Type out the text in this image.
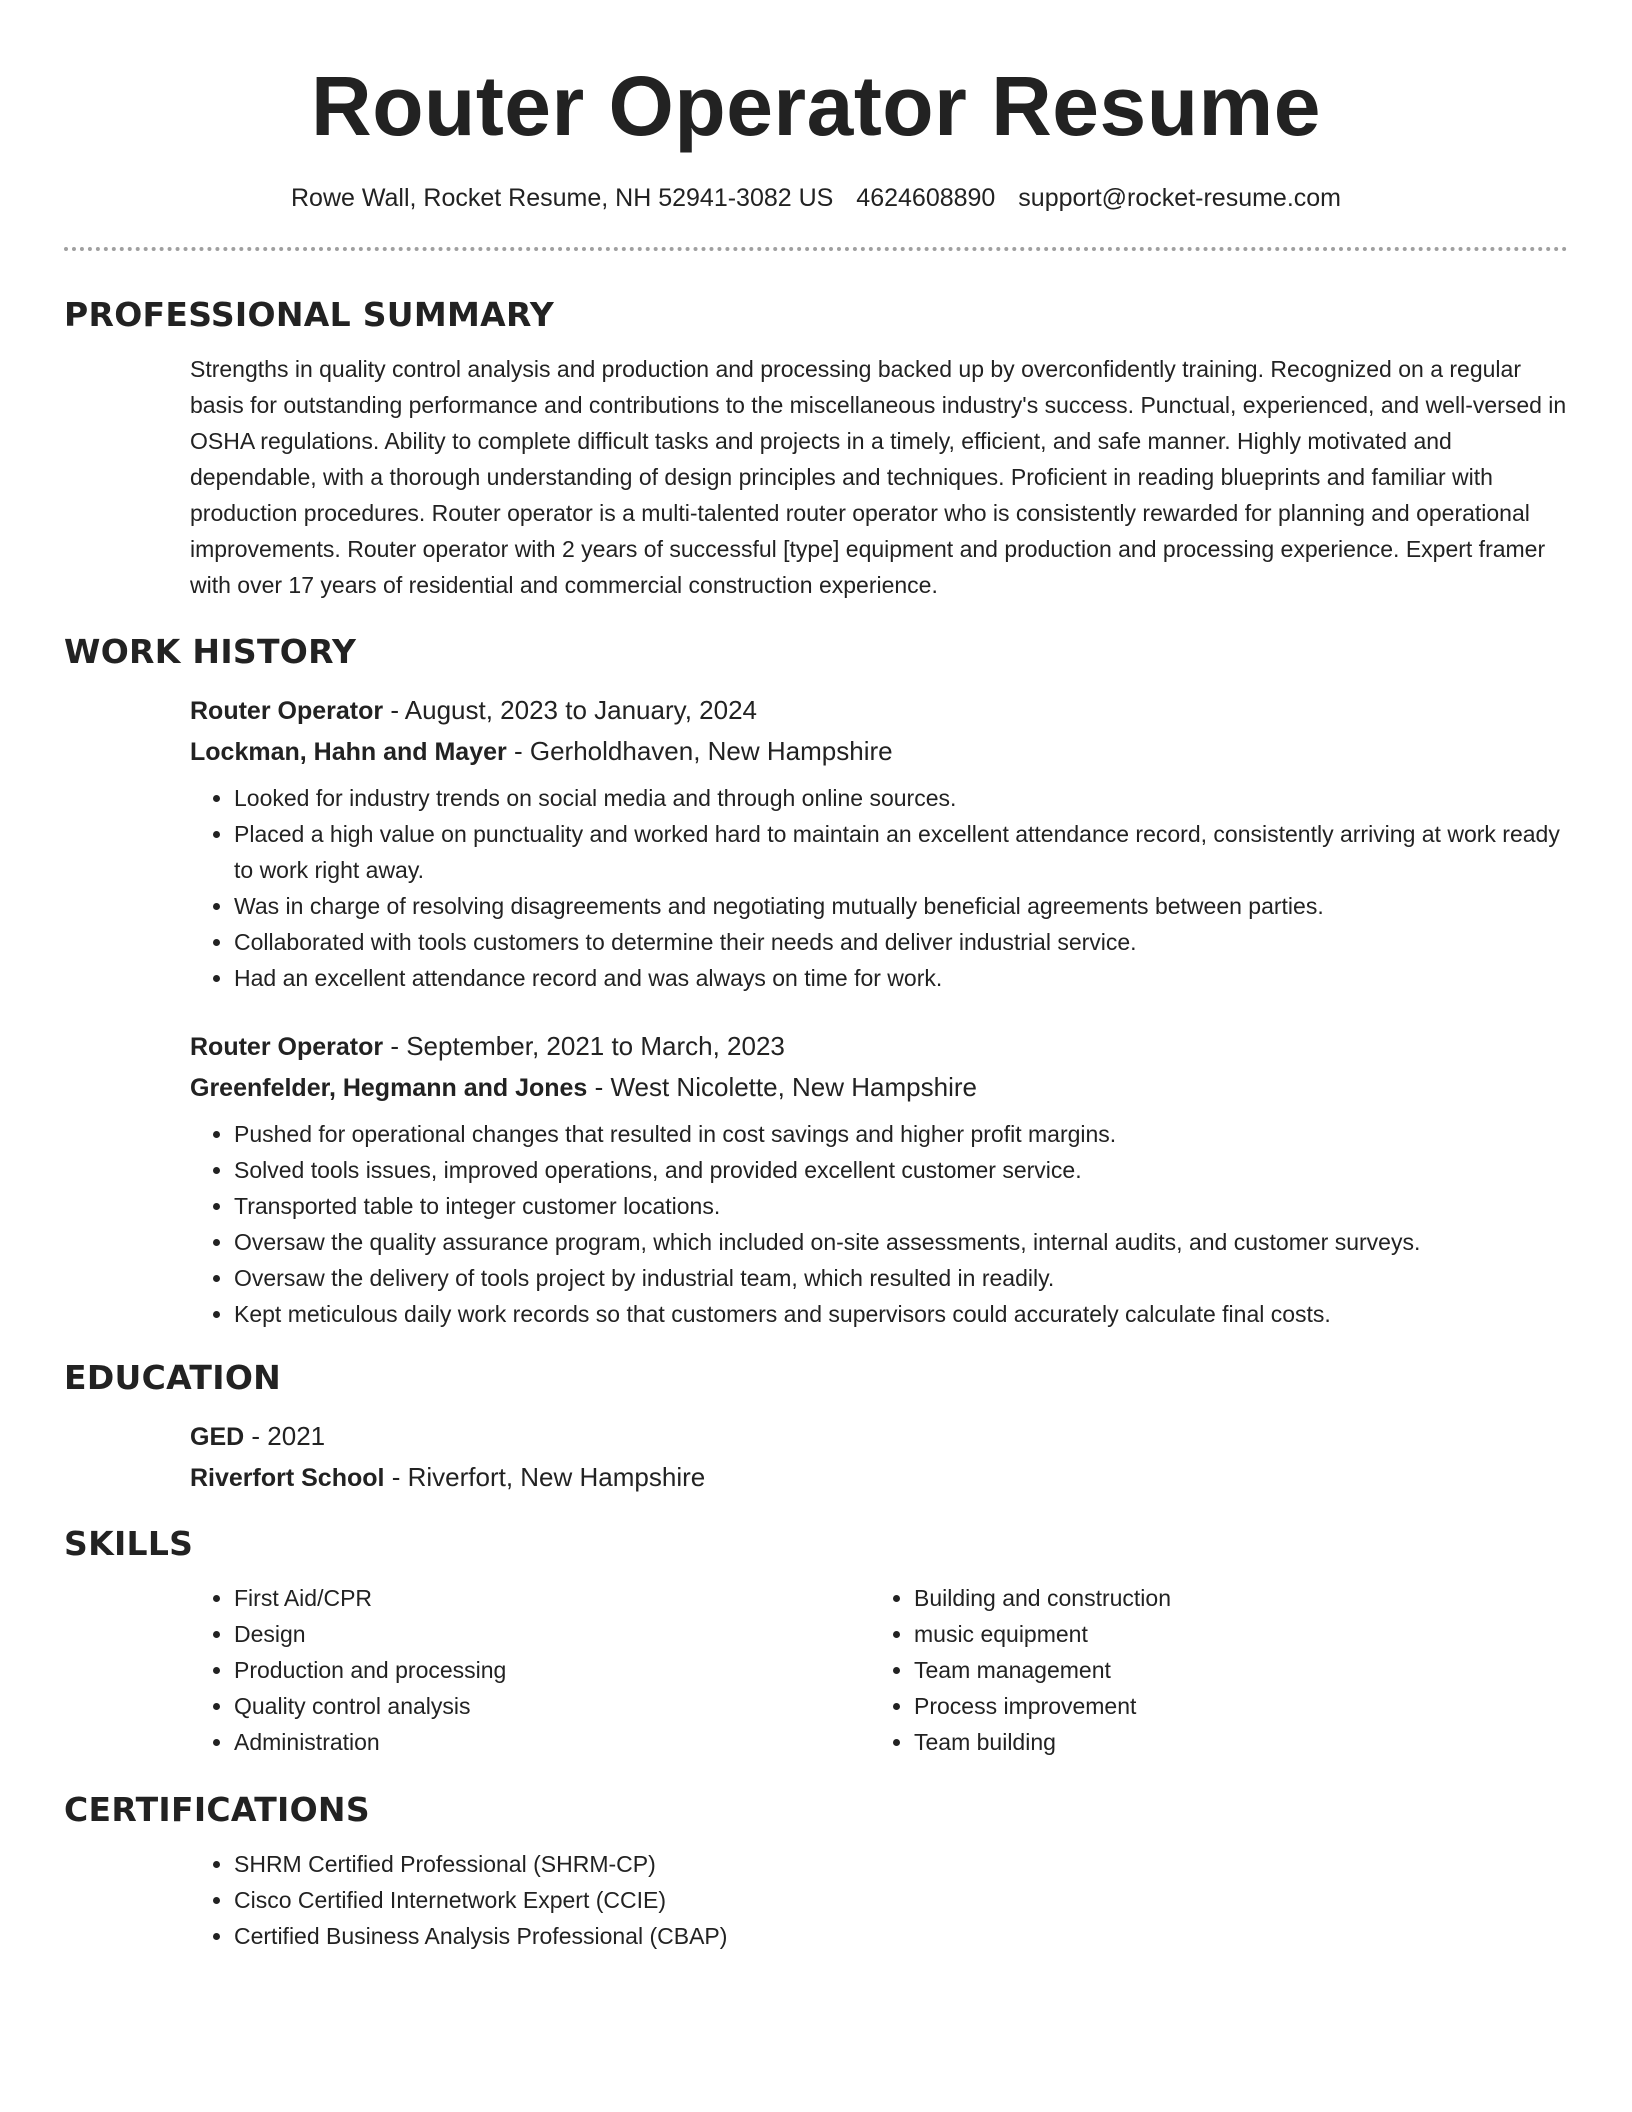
Router Operator Resume
Rowe Wall, Rocket Resume, NH 52941-3082 US 4624608890 support@rocket-resume.com
PROFESSIONAL SUMMARY

Strengths in quality control analysis and production and processing backed up by overconfidently training. Recognized on a regular basis for outstanding performance and contributions to the miscellaneous industry's success. Punctual, experienced, and well-versed in OSHA regulations. Ability to complete difficult tasks and projects in a timely, efficient, and safe manner. Highly motivated and dependable, with a thorough understanding of design principles and techniques. Proficient in reading blueprints and familiar with production procedures. Router operator is a multi-talented router operator who is consistently rewarded for planning and operational improvements. Router operator with 2 years of successful [type] equipment and production and processing experience. Expert framer with over 17 years of residential and commercial construction experience.

WORK HISTORY
Router Operator - August, 2023 to January, 2024
Lockman, Hahn and Mayer - Gerholdhaven, New Hampshire
• Looked for industry trends on social media and through online sources.
• Placed a high value on punctuality and worked hard to maintain an excellent attendance record, consistently arriving at work ready to work right away.
• Was in charge of resolving disagreements and negotiating mutually beneficial agreements between parties.
• Collaborated with tools customers to determine their needs and deliver industrial service.
• Had an excellent attendance record and was always on time for work.
Router Operator - September, 2021 to March, 2023
Greenfelder, Hegmann and Jones - West Nicolette, New Hampshire
• Pushed for operational changes that resulted in cost savings and higher profit margins.
• Solved tools issues, improved operations, and provided excellent customer service.
• Transported table to integer customer locations.
• Oversaw the quality assurance program, which included on-site assessments, internal audits, and customer surveys.
• Oversaw the delivery of tools project by industrial team, which resulted in readily.
• Kept meticulous daily work records so that customers and supervisors could accurately calculate final costs.
EDUCATION
GED - 2021
Riverfort School - Riverfort, New Hampshire
SKILLS
• First Aid/CPR
• Design
• Production and processing
• Quality control analysis
• Administration
• Building and construction
• music equipment
• Team management
• Process improvement
• Team building
CERTIFICATIONS
• SHRM Certified Professional (SHRM-CP)
• Cisco Certified Internetwork Expert (CCIE)
• Certified Business Analysis Professional (CBAP)
